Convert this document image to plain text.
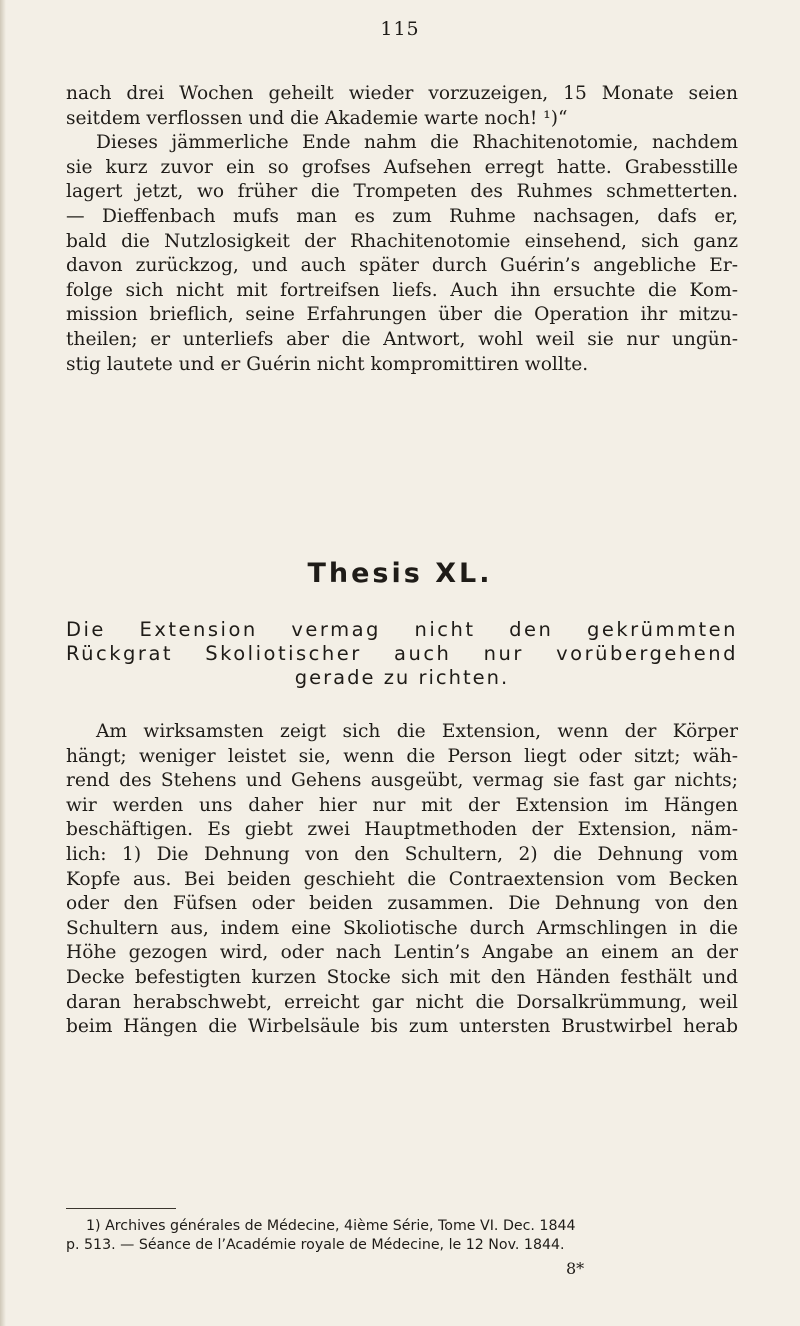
115
nach drei Wochen geheilt wieder vorzuzeigen, 15 Monate seien
seitdem verflossen und die Akademie warte noch! ¹)“
Dieses jämmerliche Ende nahm die Rhachitenotomie, nachdem
sie kurz zuvor ein so grofses Aufsehen erregt hatte. Grabesstille
lagert jetzt, wo früher die Trompeten des Ruhmes schmetterten.
— Dieffenbach mufs man es zum Ruhme nachsagen, dafs er,
bald die Nutzlosigkeit der Rhachitenotomie einsehend, sich ganz
davon zurückzog, und auch später durch Guérin’s angebliche Er-
folge sich nicht mit fortreifsen liefs. Auch ihn ersuchte die Kom-
mission brieflich, seine Erfahrungen über die Operation ihr mitzu-
theilen; er unterliefs aber die Antwort, wohl weil sie nur ungün-
stig lautete und er Guérin nicht kompromittiren wollte.
Thesis XL.
Die Extension vermag nicht den gekrümmten
Rückgrat Skoliotischer auch nur vorübergehend
gerade zu richten.
Am wirksamsten zeigt sich die Extension, wenn der Körper
hängt; weniger leistet sie, wenn die Person liegt oder sitzt; wäh-
rend des Stehens und Gehens ausgeübt, vermag sie fast gar nichts;
wir werden uns daher hier nur mit der Extension im Hängen
beschäftigen. Es giebt zwei Hauptmethoden der Extension, näm-
lich: 1) Die Dehnung von den Schultern, 2) die Dehnung vom
Kopfe aus. Bei beiden geschieht die Contraextension vom Becken
oder den Füfsen oder beiden zusammen. Die Dehnung von den
Schultern aus, indem eine Skoliotische durch Armschlingen in die
Höhe gezogen wird, oder nach Lentin’s Angabe an einem an der
Decke befestigten kurzen Stocke sich mit den Händen festhält und
daran herabschwebt, erreicht gar nicht die Dorsalkrümmung, weil
beim Hängen die Wirbelsäule bis zum untersten Brustwirbel herab
1) Archives générales de Médecine, 4ième Série, Tome VI. Dec. 1844
p. 513. — Séance de l’Académie royale de Médecine, le 12 Nov. 1844.
8*
